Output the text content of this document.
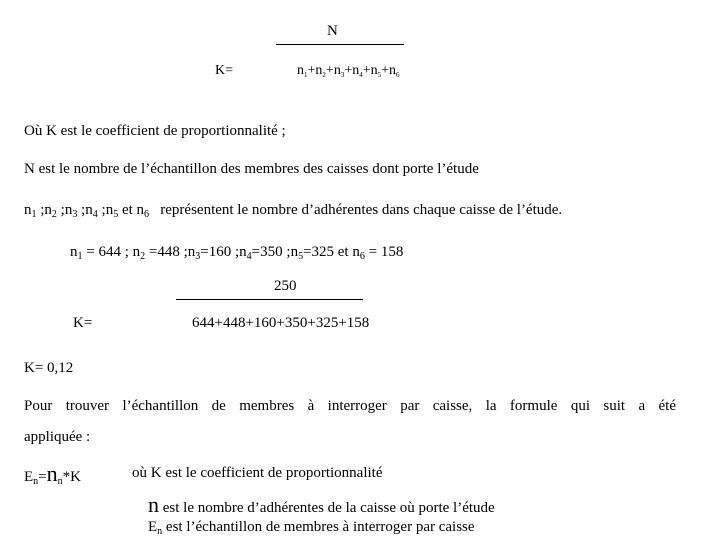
N
K=	$n_1+n_2+n_3+n_4+n_5+n_6$
Où K est le coefficient de proportionnalité ;
N est le nombre de l’échantillon des membres des caisses dont porte l’étude
$n_1$ $;n_2$ $;n_3$ $;n_4$ $;n_5$ et $n_6$ représentent le nombre d’adhérentes dans chaque caisse de l’étude.
$n_1 = 644$ ; $n_2 =448$ $;n_3=160$ $;n_4=350$ $;n_5=325$ et $n_6 = 158$
250
K=	644+448+160+350+325+158
K= 0,12
Pour trouver l’échantillon de membres à interroger par caisse, la formule qui suit a été
appliquée :
$E_n=n_n*K$	où K est le coefficient de proportionnalité
n est le nombre d’adhérentes de la caisse où porte l’étude
$E_n$ est l’échantillon de membres à interroger par caisse
